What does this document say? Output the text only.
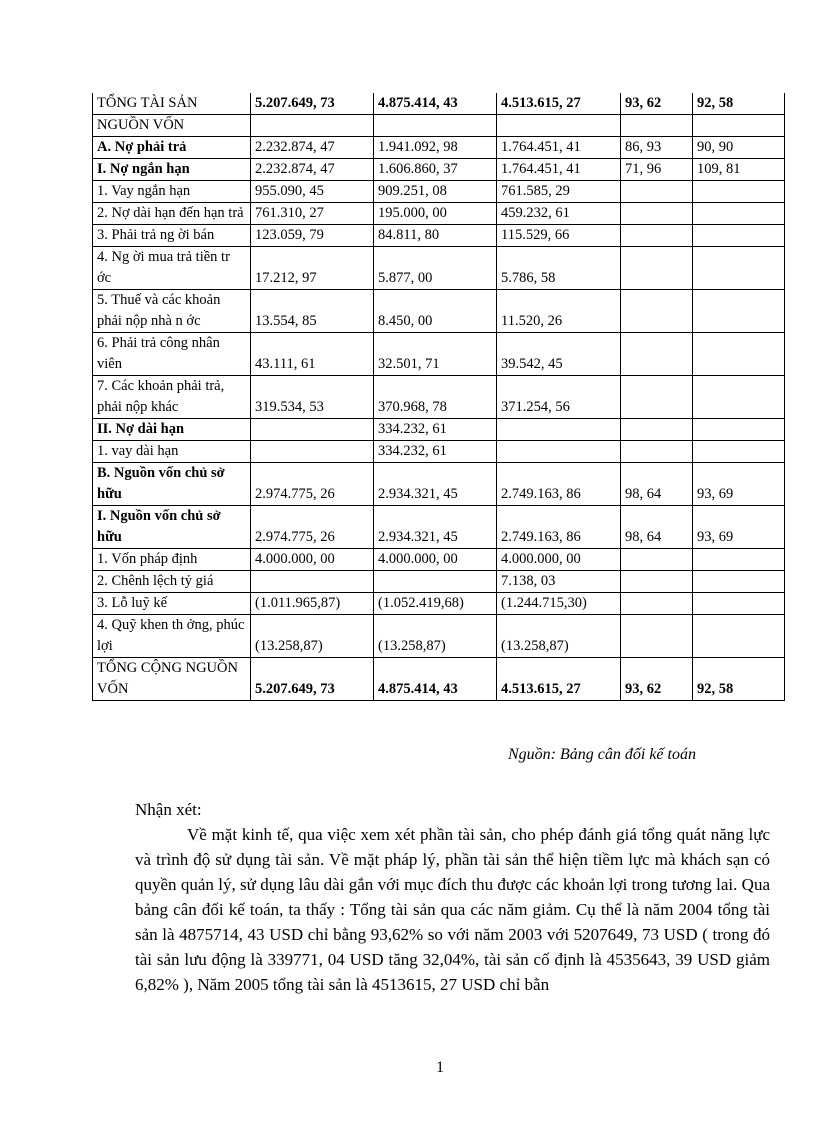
TỔNG TÀI SẢN	5.207.649, 73	4.875.414, 43	4.513.615, 27	93, 62	92, 58
NGUỒN VỐN					
A. Nợ phải trả	2.232.874, 47	1.941.092, 98	1.764.451, 41	86, 93	90, 90
I. Nợ ngắn hạn	2.232.874, 47	1.606.860, 37	1.764.451, 41	71, 96	109, 81
1. Vay ngắn hạn	955.090, 45	909.251, 08	761.585, 29		
2. Nợ dài hạn đến hạn trả	761.310, 27	195.000, 00	459.232, 61		
3. Phải trả ng ời bán	123.059, 79	84.811, 80	115.529, 66		
4. Ng ời mua trả tiền tr ớc	17.212, 97	5.877, 00	5.786, 58		
5. Thuế và các khoản phải nộp nhà n ớc	13.554, 85	8.450, 00	11.520, 26		
6. Phải trả công nhân viên	43.111, 61	32.501, 71	39.542, 45		
7. Các khoản phải trả, phải nộp khác	319.534, 53	370.968, 78	371.254, 56		
II. Nợ dài hạn		334.232, 61			
1. vay dài hạn		334.232, 61			
B. Nguồn vốn chủ sở hữu	2.974.775, 26	2.934.321, 45	2.749.163, 86	98, 64	93, 69
I. Nguồn vốn chủ sở hữu	2.974.775, 26	2.934.321, 45	2.749.163, 86	98, 64	93, 69
1. Vốn pháp định	4.000.000, 00	4.000.000, 00	4.000.000, 00		
2. Chênh lệch tỷ giá			7.138, 03		
3. Lỗ luỹ kế	(1.011.965,87)	(1.052.419,68)	(1.244.715,30)		
4. Quỹ khen th ởng, phúc lợi	(13.258,87)	(13.258,87)	(13.258,87)		
TỔNG CỘNG NGUỒN VỐN	5.207.649, 73	4.875.414, 43	4.513.615, 27	93, 62	92, 58
Nguồn: Bảng cân đối kế toán
Nhận xét:

Về mặt kinh tế, qua việc xem xét phần tài sản, cho phép đánh giá tổng quát năng lực và trình độ sử dụng tài sản. Về mặt pháp lý, phần tài sản thể hiện tiềm lực mà khách sạn có quyền quản lý, sử dụng lâu dài gắn với mục đích thu được các khoản lợi trong tương lai. Qua bảng cân đối kế toán, ta thấy : Tổng tài sản qua các năm giảm. Cụ thể là năm 2004 tổng tài sản là 4875714, 43 USD chỉ bằng 93,62% so với năm 2003 với 5207649, 73 USD ( trong đó tài sản lưu động là 339771, 04 USD tăng 32,04%, tài sản cố định là 4535643, 39 USD giảm 6,82% ), Năm 2005 tổng tài sản là 4513615, 27 USD chỉ bằn

1
